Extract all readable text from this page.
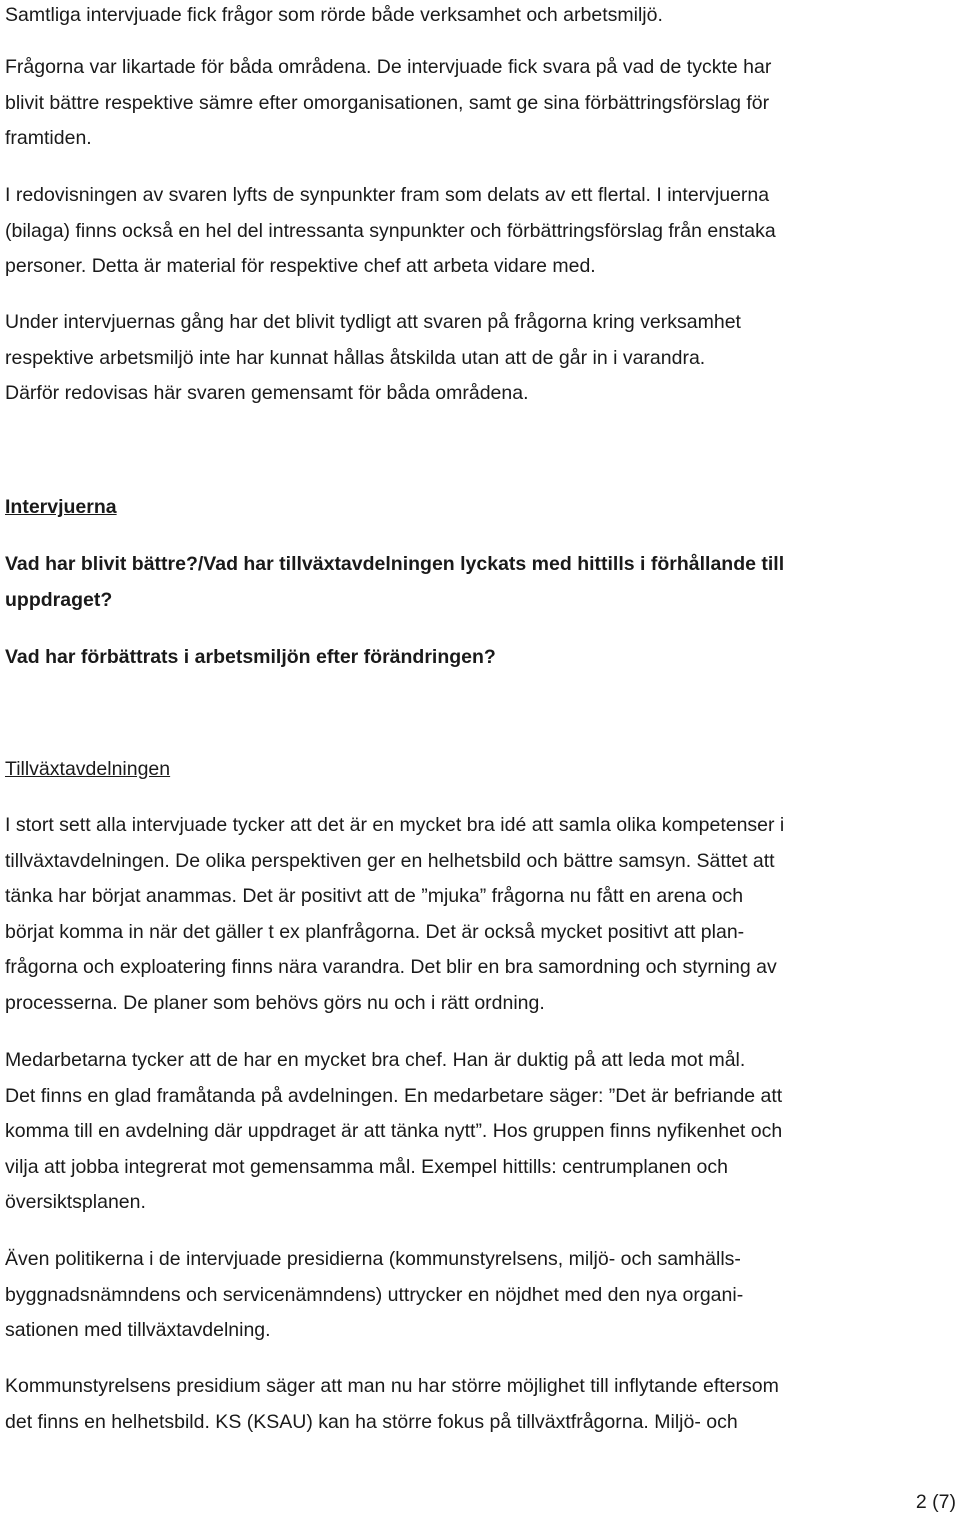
Samtliga intervjuade fick frågor som rörde både verksamhet och arbetsmiljö.

Frågorna var likartade för båda områdena. De intervjuade fick svara på vad de tyckte har
blivit bättre respektive sämre efter omorganisationen, samt ge sina förbättringsförslag för
framtiden.

I redovisningen av svaren lyfts de synpunkter fram som delats av ett flertal. I intervjuerna
(bilaga) finns också en hel del intressanta synpunkter och förbättringsförslag från enstaka
personer. Detta är material för respektive chef att arbeta vidare med.

Under intervjuernas gång har det blivit tydligt att svaren på frågorna kring verksamhet
respektive arbetsmiljö inte har kunnat hållas åtskilda utan att de går in i varandra.
Därför redovisas här svaren gemensamt för båda områdena.

Intervjuerna

Vad har blivit bättre?/Vad har tillväxtavdelningen lyckats med hittills i förhållande till
uppdraget?

Vad har förbättrats i arbetsmiljön efter förändringen?

Tillväxtavdelningen

I stort sett alla intervjuade tycker att det är en mycket bra idé att samla olika kompetenser i
tillväxtavdelningen. De olika perspektiven ger en helhetsbild och bättre samsyn. Sättet att
tänka har börjat anammas. Det är positivt att de ”mjuka” frågorna nu fått en arena och
börjat komma in när det gäller t ex planfrågorna. Det är också mycket positivt att plan-
frågorna och exploatering finns nära varandra. Det blir en bra samordning och styrning av
processerna. De planer som behövs görs nu och i rätt ordning.

Medarbetarna tycker att de har en mycket bra chef. Han är duktig på att leda mot mål.
Det finns en glad framåtanda på avdelningen. En medarbetare säger: ”Det är befriande att
komma till en avdelning där uppdraget är att tänka nytt”. Hos gruppen finns nyfikenhet och
vilja att jobba integrerat mot gemensamma mål. Exempel hittills: centrumplanen och
översiktsplanen.

Även politikerna i de intervjuade presidierna (kommunstyrelsens, miljö- och samhälls-
byggnadsnämndens och servicenämndens) uttrycker en nöjdhet med den nya organi-
sationen med tillväxtavdelning.

Kommunstyrelsens presidium säger att man nu har större möjlighet till inflytande eftersom
det finns en helhetsbild. KS (KSAU) kan ha större fokus på tillväxtfrågorna. Miljö- och

2 (7)
